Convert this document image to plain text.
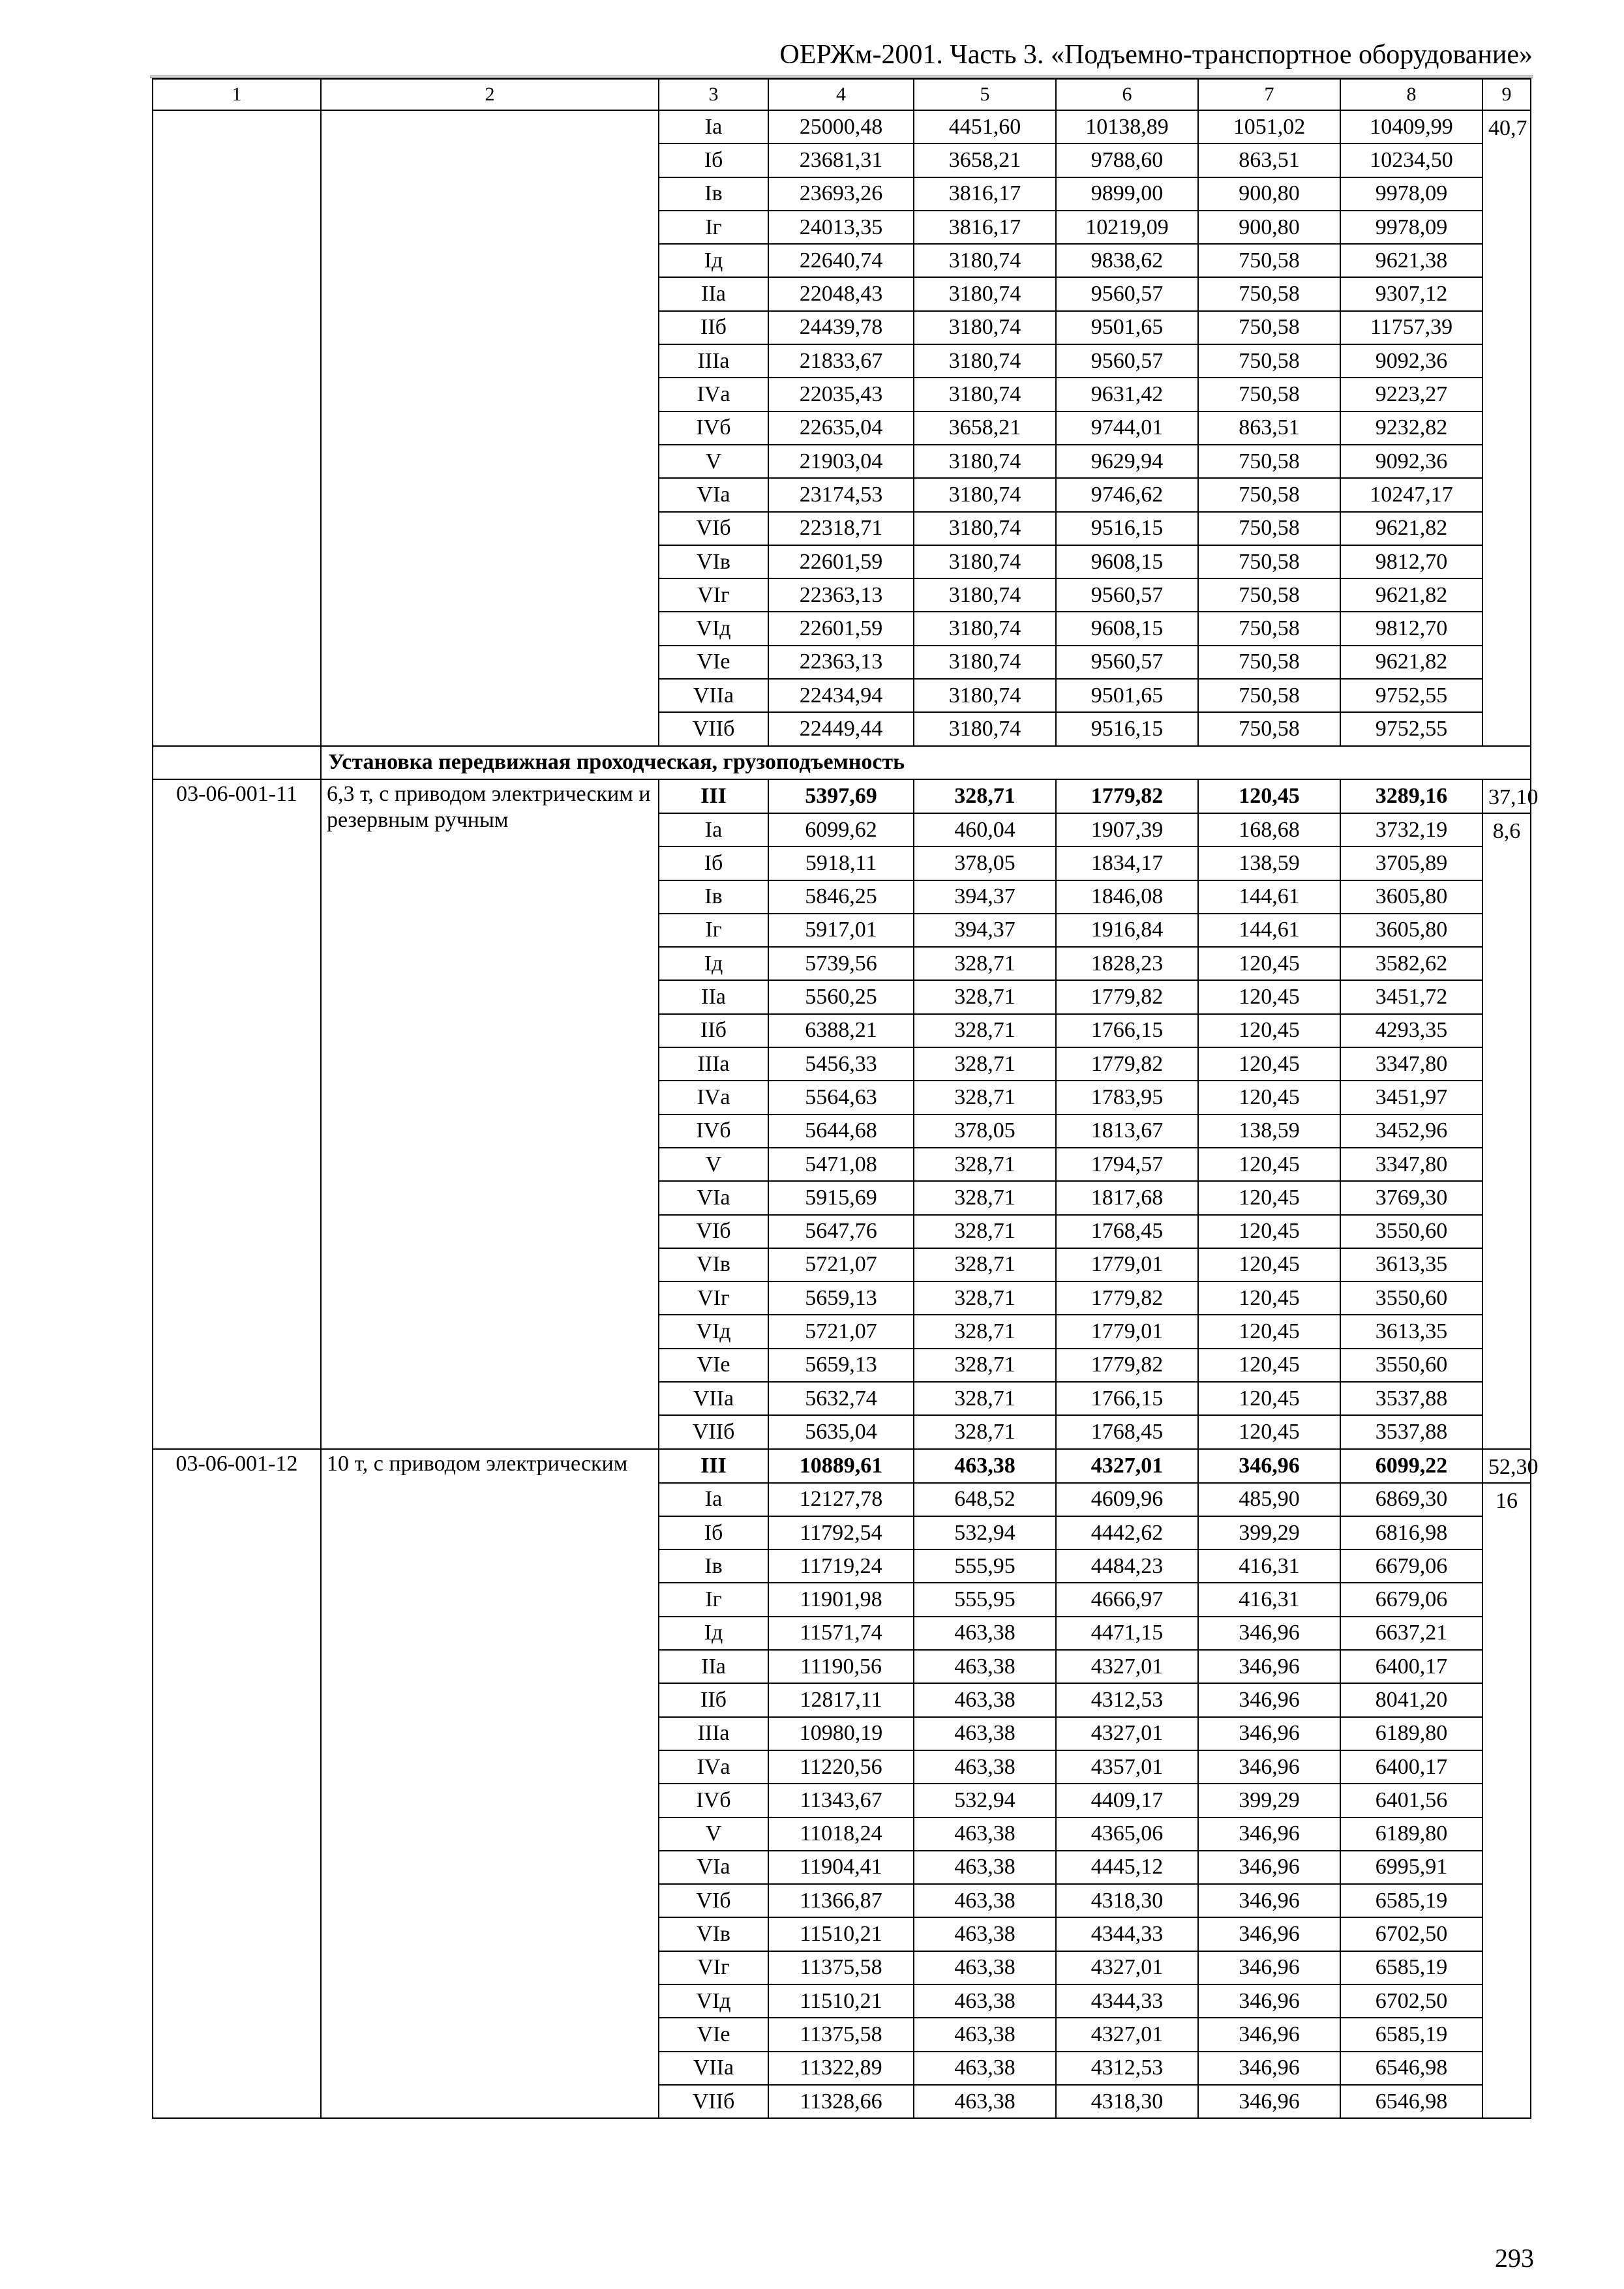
ОЕРЖм-2001. Часть 3. «Подъемно-транспортное оборудование»
1	2	3	4	5	6	7	8	9
		Iа	25000,48	4451,60	10138,89	1051,02	10409,99	40,7
		Iб	23681,31	3658,21	9788,60	863,51	10234,50	
		Iв	23693,26	3816,17	9899,00	900,80	9978,09	
		Iг	24013,35	3816,17	10219,09	900,80	9978,09	
		Iд	22640,74	3180,74	9838,62	750,58	9621,38	
		IIа	22048,43	3180,74	9560,57	750,58	9307,12	
		IIб	24439,78	3180,74	9501,65	750,58	11757,39	
		IIIа	21833,67	3180,74	9560,57	750,58	9092,36	
		IVа	22035,43	3180,74	9631,42	750,58	9223,27	
		IVб	22635,04	3658,21	9744,01	863,51	9232,82	
		V	21903,04	3180,74	9629,94	750,58	9092,36	
		VIа	23174,53	3180,74	9746,62	750,58	10247,17	
		VIб	22318,71	3180,74	9516,15	750,58	9621,82	
		VIв	22601,59	3180,74	9608,15	750,58	9812,70	
		VIг	22363,13	3180,74	9560,57	750,58	9621,82	
		VIд	22601,59	3180,74	9608,15	750,58	9812,70	
		VIе	22363,13	3180,74	9560,57	750,58	9621,82	
		VIIа	22434,94	3180,74	9501,65	750,58	9752,55	
		VIIб	22449,44	3180,74	9516,15	750,58	9752,55	
	Установка передвижная проходческая, грузоподъемность							
03-06-001-11	6,3 т, с приводом электрическим и резервным ручным	III	5397,69	328,71	1779,82	120,45	3289,16	37,10
		Iа	6099,62	460,04	1907,39	168,68	3732,19	8,6
		Iб	5918,11	378,05	1834,17	138,59	3705,89	
		Iв	5846,25	394,37	1846,08	144,61	3605,80	
		Iг	5917,01	394,37	1916,84	144,61	3605,80	
		Iд	5739,56	328,71	1828,23	120,45	3582,62	
		IIа	5560,25	328,71	1779,82	120,45	3451,72	
		IIб	6388,21	328,71	1766,15	120,45	4293,35	
		IIIа	5456,33	328,71	1779,82	120,45	3347,80	
		IVа	5564,63	328,71	1783,95	120,45	3451,97	
		IVб	5644,68	378,05	1813,67	138,59	3452,96	
		V	5471,08	328,71	1794,57	120,45	3347,80	
		VIа	5915,69	328,71	1817,68	120,45	3769,30	
		VIб	5647,76	328,71	1768,45	120,45	3550,60	
		VIв	5721,07	328,71	1779,01	120,45	3613,35	
		VIг	5659,13	328,71	1779,82	120,45	3550,60	
		VIд	5721,07	328,71	1779,01	120,45	3613,35	
		VIе	5659,13	328,71	1779,82	120,45	3550,60	
		VIIа	5632,74	328,71	1766,15	120,45	3537,88	
		VIIб	5635,04	328,71	1768,45	120,45	3537,88	
03-06-001-12	10 т, с приводом электрическим	III	10889,61	463,38	4327,01	346,96	6099,22	52,30
		Iа	12127,78	648,52	4609,96	485,90	6869,30	16
		Iб	11792,54	532,94	4442,62	399,29	6816,98	
		Iв	11719,24	555,95	4484,23	416,31	6679,06	
		Iг	11901,98	555,95	4666,97	416,31	6679,06	
		Iд	11571,74	463,38	4471,15	346,96	6637,21	
		IIа	11190,56	463,38	4327,01	346,96	6400,17	
		IIб	12817,11	463,38	4312,53	346,96	8041,20	
		IIIа	10980,19	463,38	4327,01	346,96	6189,80	
		IVа	11220,56	463,38	4357,01	346,96	6400,17	
		IVб	11343,67	532,94	4409,17	399,29	6401,56	
		V	11018,24	463,38	4365,06	346,96	6189,80	
		VIа	11904,41	463,38	4445,12	346,96	6995,91	
		VIб	11366,87	463,38	4318,30	346,96	6585,19	
		VIв	11510,21	463,38	4344,33	346,96	6702,50	
		VIг	11375,58	463,38	4327,01	346,96	6585,19	
		VIд	11510,21	463,38	4344,33	346,96	6702,50	
		VIе	11375,58	463,38	4327,01	346,96	6585,19	
		VIIа	11322,89	463,38	4312,53	346,96	6546,98	
		VIIб	11328,66	463,38	4318,30	346,96	6546,98	
293
